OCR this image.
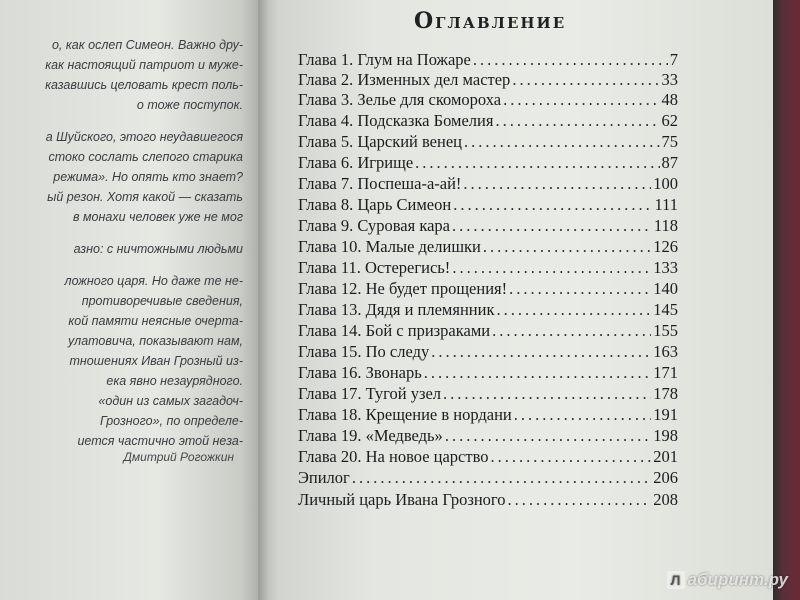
о, как ослеп Симеон. Важно дру-
как настоящий патриот и муже-
казавшись целовать крест поль-
о тоже поступок.
а Шуйского, этого неудавшегося
стоко сослать слепого старика
режима». Но опять кто знает?
ый резон. Хотя какой — сказать
в монахи человек уже не мог
азно: с ничтожными людьми
ложного царя. Но даже те не-
противоречивые сведения,
кой памяти неясные очерта-
улатовича, показывают нам,
тношениях Иван Грозный из-
ека явно незаурядного.
«один из самых загадоч-
Грозного», по определе-
иется частично этой неза-
Дмитрий Рогожкин
Оглавление
Глава 1. Глум на Пожаре .....	7
Глава 2. Изменных дел мастер .....	33
Глава 3. Зелье для скомороха .....	48
Глава 4. Подсказка Бомелия .....	62
Глава 5. Царский венец .....	75
Глава 6. Игрище .....	87
Глава 7. Поспеша-а-ай! .....	100
Глава 8. Царь Симеон .....	111
Глава 9. Суровая кара .....	118
Глава 10. Малые делишки .....	126
Глава 11. Остерегись! .....	133
Глава 12. Не будет прощения! .....	140
Глава 13. Дядя и племянник .....	145
Глава 14. Бой с призраками .....	155
Глава 15. По следу .....	163
Глава 16. Звонарь .....	171
Глава 17. Тугой узел .....	178
Глава 18. Крещение в нордани .....	191
Глава 19. «Медведь» .....	198
Глава 20. На новое царство .....	201
Эпилог .....	206
Личный царь Ивана Грозного .....	208
Л абиринт.ру
